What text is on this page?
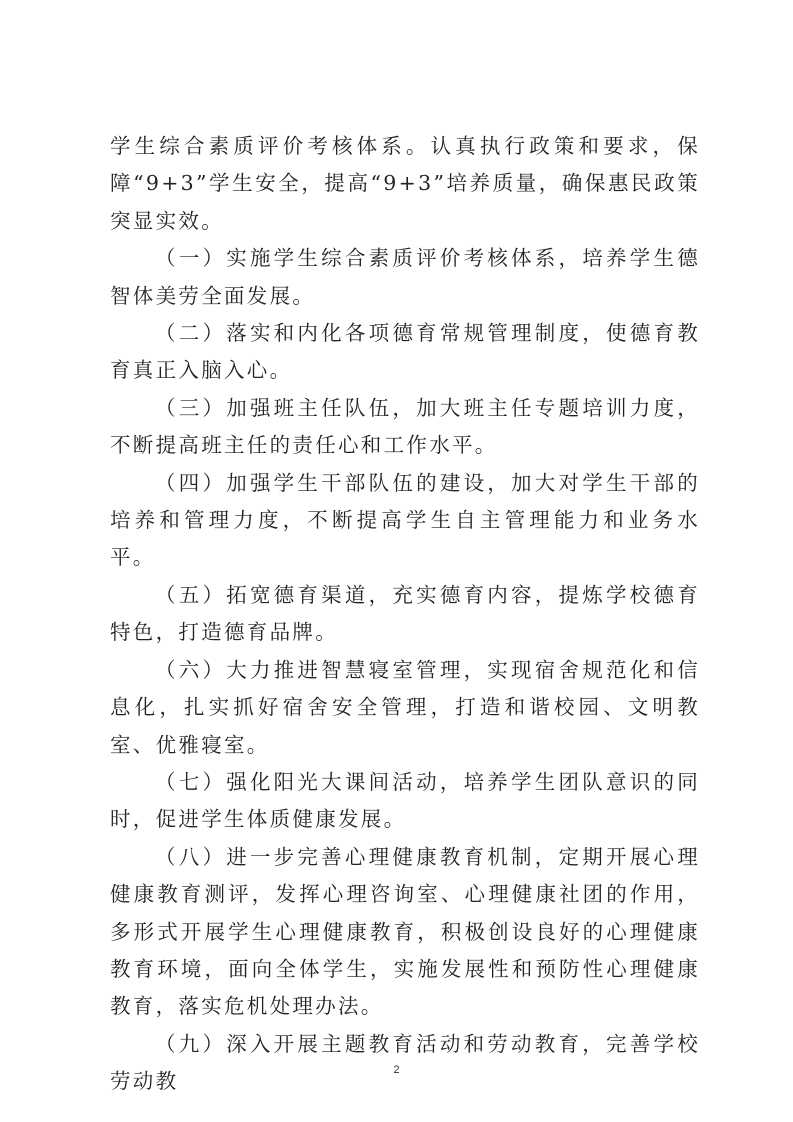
学生综合素质评价考核体系。认真执行政策和要求，保障“9+3”学生安全，提高“9+3”培养质量，确保惠民政策突显实效。

（一）实施学生综合素质评价考核体系，培养学生德智体美劳全面发展。

（二）落实和内化各项德育常规管理制度，使德育教育真正入脑入心。

（三）加强班主任队伍，加大班主任专题培训力度，不断提高班主任的责任心和工作水平。

（四）加强学生干部队伍的建设，加大对学生干部的培养和管理力度，不断提高学生自主管理能力和业务水平。

（五）拓宽德育渠道，充实德育内容，提炼学校德育特色，打造德育品牌。

（六）大力推进智慧寝室管理，实现宿舍规范化和信息化，扎实抓好宿舍安全管理，打造和谐校园、文明教室、优雅寝室。

（七）强化阳光大课间活动，培养学生团队意识的同时，促进学生体质健康发展。

（八）进一步完善心理健康教育机制，定期开展心理健康教育测评，发挥心理咨询室、心理健康社团的作用，多形式开展学生心理健康教育，积极创设良好的心理健康教育环境，面向全体学生，实施发展性和预防性心理健康教育，落实危机处理办法。

（九）深入开展主题教育活动和劳动教育，完善学校劳动教	2
